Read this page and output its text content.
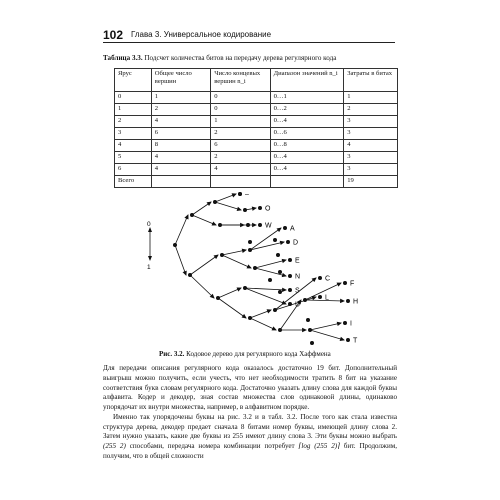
102 Глава 3. Универсальное кодирование
Таблица 3.3. Подсчет количества битов на передачу дерева регулярного кода
Ярус	Общее число вершин	Число концевых вершин n_i	Диапазон значений n_i	Затраты в битах
0	1	0	0…1	1
1	2	0	0…2	2
2	4	1	0…4	3
3	6	2	0…6	3
4	8	6	0…8	4
5	4	2	0…4	3
6	4	4	0…4	3
Всего				19
–
O
W	A
D
E
N
S
U
C
L
F
H
I
T
0
1
Рис. 3.2. Кодовое дерево для регулярного кода Хаффмена

Для передачи описания регулярного кода оказалось достаточно 19 бит. Дополнительный выигрыш можно получить, если учесть, что нет необходимости тратить 8 бит на указание соответствия букв словам регулярного кода. Достаточно указать длину слова для каждой буквы алфавита. Кодер и декодер, зная состав множества слов одинаковой длины, одинаково упорядочат их внутри множества, например, в алфавитном порядке.

Именно так упорядочены буквы на рис. 3.2 и в табл. 3.2. После того как стала известна структура дерева, декодер предает сначала 8 битами номер буквы, имеющей длину слова 2. Затем нужно указать, какие две буквы из 255 имеют длину слова 3. Эти буквы можно выбрать (255 2) способами, передача номера комбинации потребует ⌈log (255 2)⌉ бит. Продолжим, получим, что в общей сложности
